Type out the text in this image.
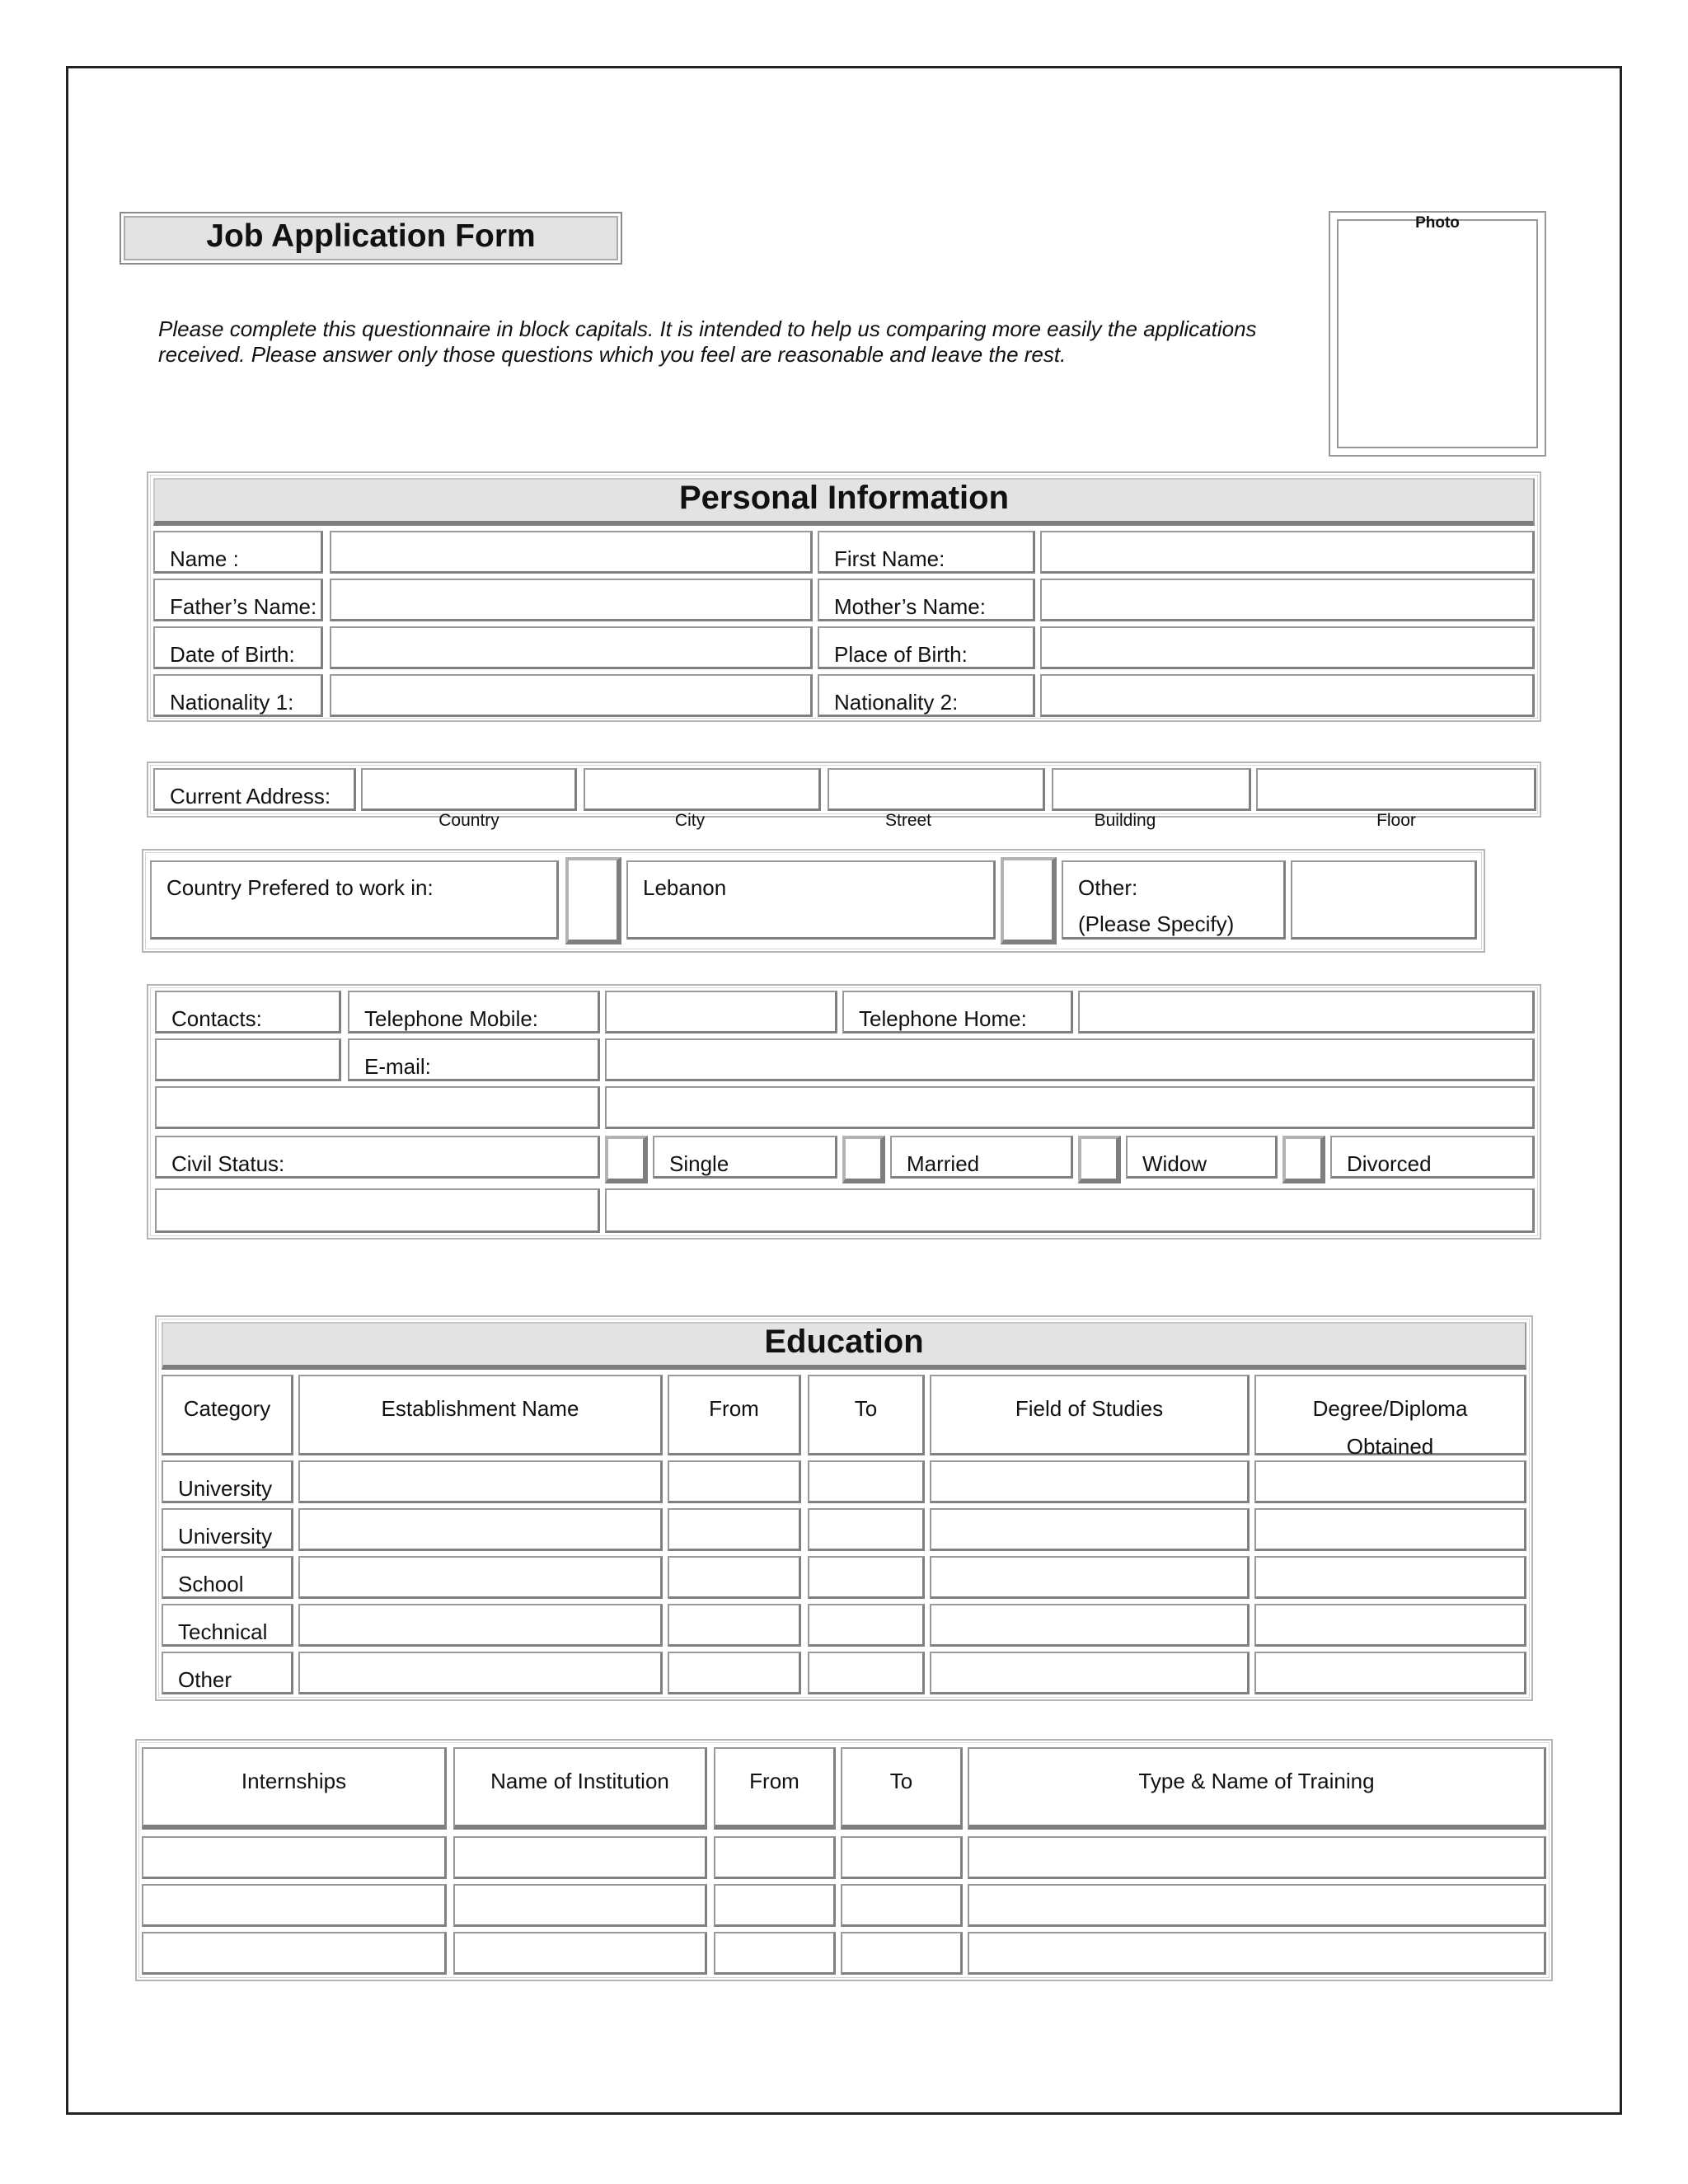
Job Application Form
Please complete this questionnaire in block capitals. It is intended to help us comparing more easily the applications received. Please answer only those questions which you feel are reasonable and leave the rest.
Photo
Personal Information
Name :	First Name:
Father’s Name:	Mother’s Name:
Date of Birth:	Place of Birth:
Nationality 1:	Nationality 2:
Current Address:
Country	City	Street	Building	Floor
Country Prefered to work in:	Lebanon	Other:
(Please Specify)
Contacts:	Telephone Mobile:	Telephone Home:
E-mail:
Civil Status:	Single	Married	Widow	Divorced
Education
Category	Establishment Name	From	To	Field of Studies	Degree/Diploma
Obtained
University
University
School
Technical
Other
Internships	Name of Institution	From	To	Type & Name of Training
